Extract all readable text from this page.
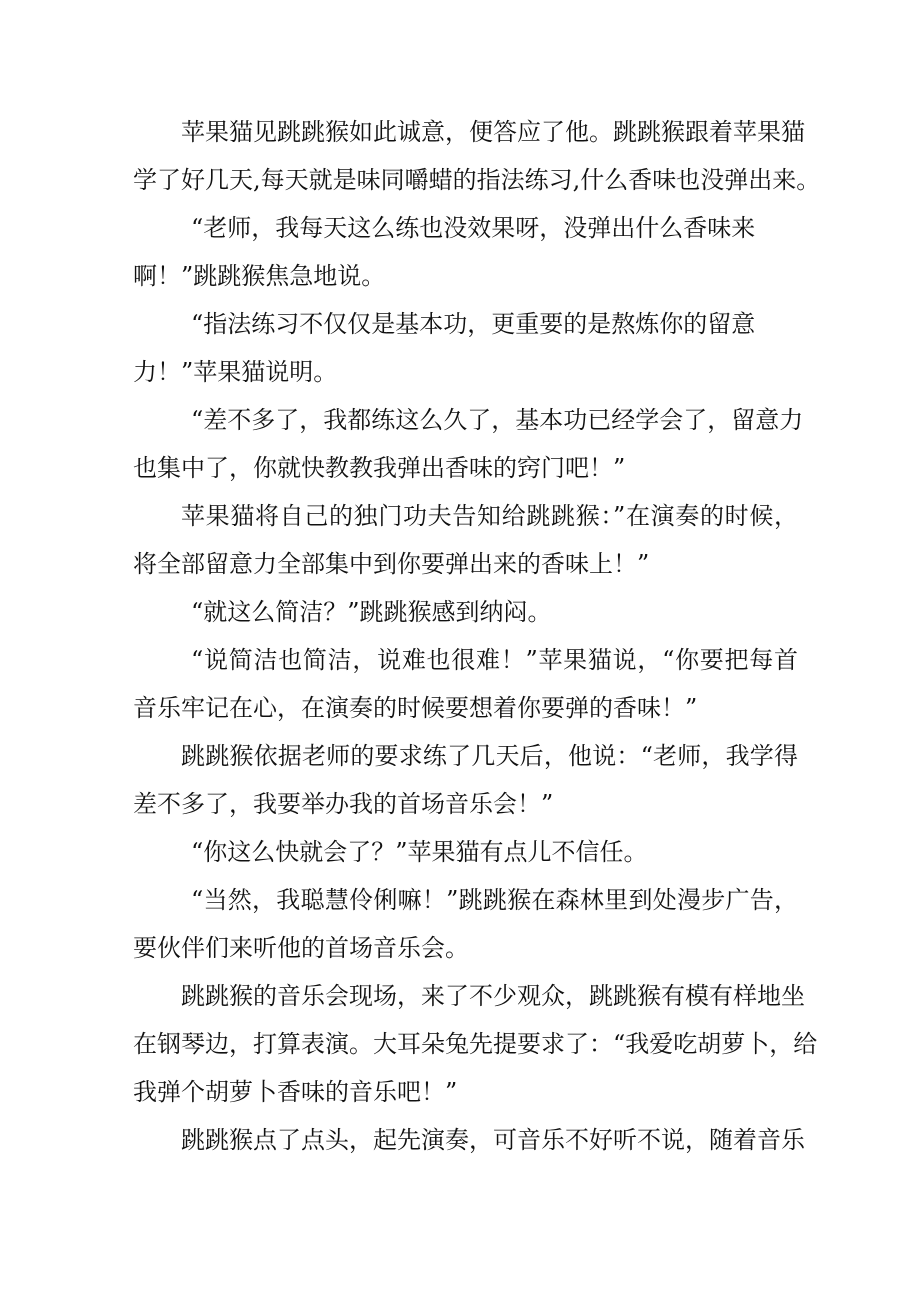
苹果猫见跳跳猴如此诚意，便答应了他。跳跳猴跟着苹果猫
学了好几天,每天就是味同嚼蜡的指法练习,什么香味也没弹出来。
“老师，我每天这么练也没效果呀，没弹出什么香味来
啊！”跳跳猴焦急地说。
“指法练习不仅仅是基本功，更重要的是熬炼你的留意
力！”苹果猫说明。
“差不多了，我都练这么久了，基本功已经学会了，留意力
也集中了，你就快教教我弹出香味的窍门吧！”
苹果猫将自己的独门功夫告知给跳跳猴：”在演奏的时候，
将全部留意力全部集中到你要弹出来的香味上！”
“就这么简洁？”跳跳猴感到纳闷。
“说简洁也简洁，说难也很难！”苹果猫说，“你要把每首
音乐牢记在心，在演奏的时候要想着你要弹的香味！”
跳跳猴依据老师的要求练了几天后，他说：“老师，我学得
差不多了，我要举办我的首场音乐会！”
“你这么快就会了？”苹果猫有点儿不信任。
“当然，我聪慧伶俐嘛！”跳跳猴在森林里到处漫步广告，
要伙伴们来听他的首场音乐会。
跳跳猴的音乐会现场，来了不少观众，跳跳猴有模有样地坐
在钢琴边，打算表演。大耳朵兔先提要求了：“我爱吃胡萝卜，给
我弹个胡萝卜香味的音乐吧！”
跳跳猴点了点头，起先演奏，可音乐不好听不说，随着音乐
